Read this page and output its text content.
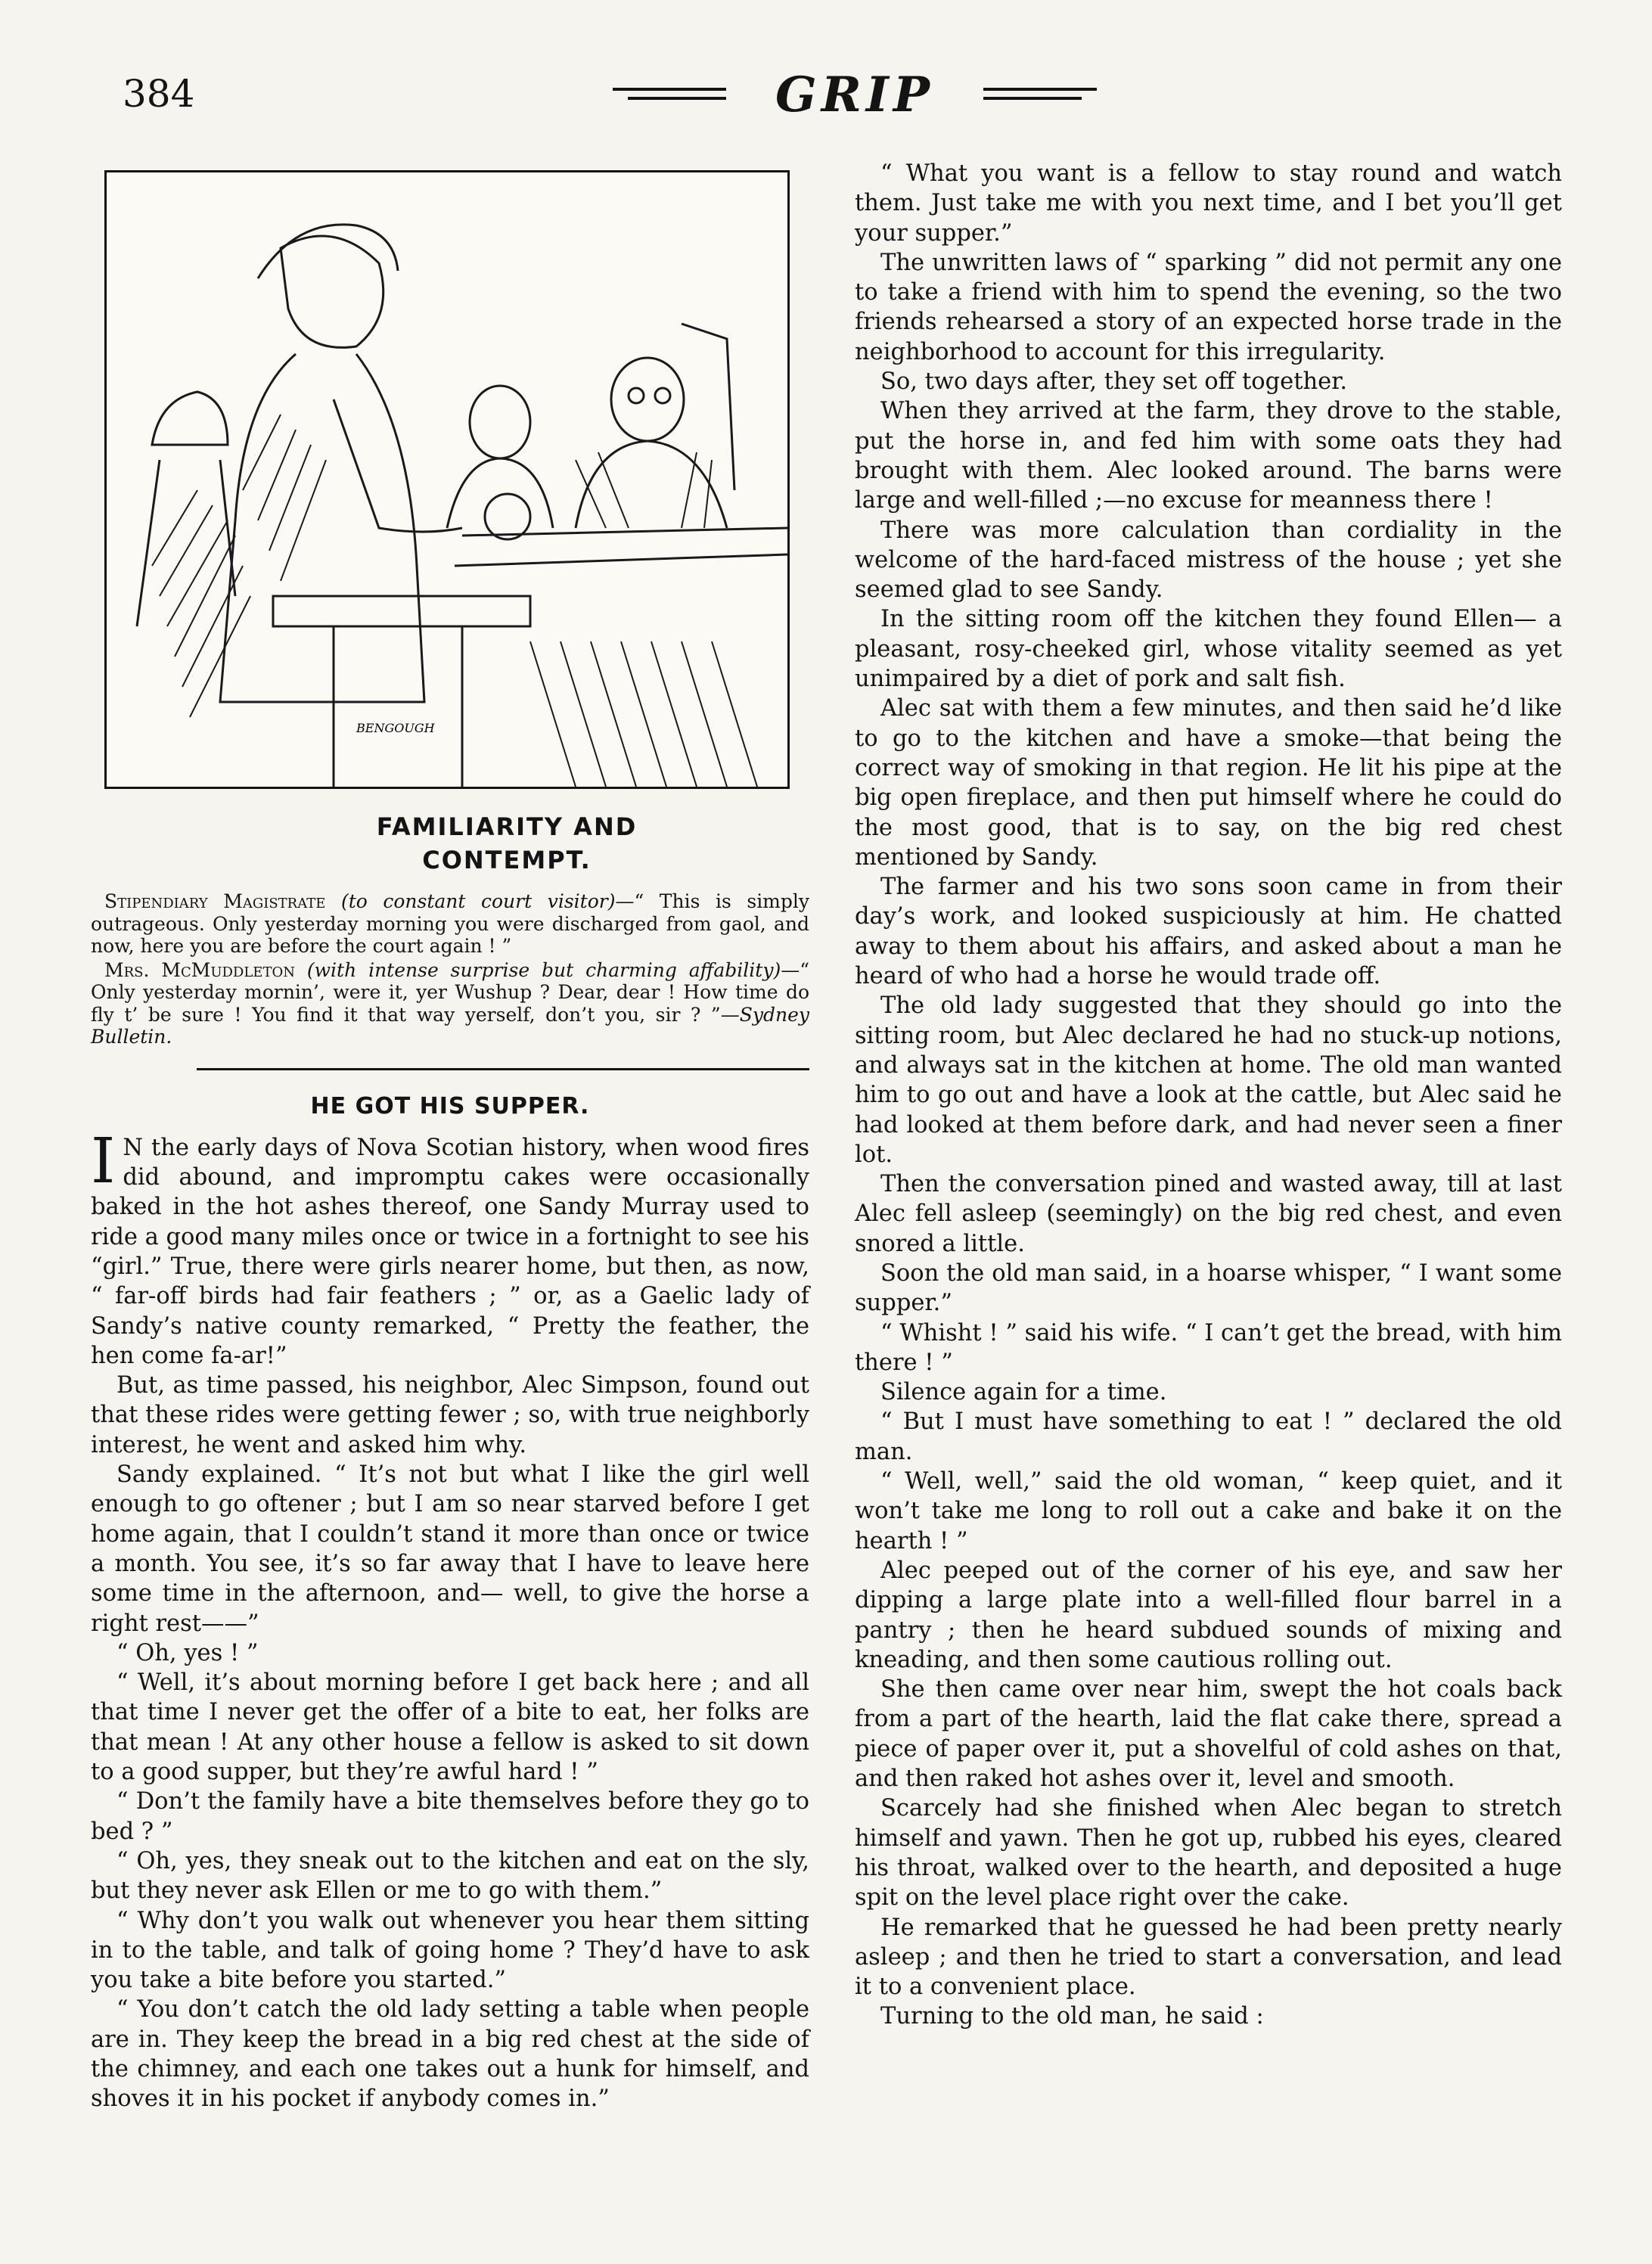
384	GRIP
BENGOUGH
FAMILIARITY AND
CONTEMPT.

Stipendiary Magistrate (to constant court visitor)—“ This is simply outrageous. Only yesterday morning you were discharged from gaol, and now, here you are before the court again ! ”

Mrs. McMuddleton (with intense surprise but charming affability)—“ Only yesterday mornin’, were it, yer Wushup ? Dear, dear ! How time do fly t’ be sure ! You find it that way yerself, don’t you, sir ? ”—Sydney Bulletin.

HE GOT HIS SUPPER.

I N the early days of Nova Scotian history, when wood fires did abound, and impromptu cakes were occasionally baked in the hot ashes thereof, one Sandy Murray used to ride a good many miles once or twice in a fortnight to see his “girl.” True, there were girls nearer home, but then, as now, “ far-off birds had fair feathers ; ” or, as a Gaelic lady of Sandy’s native county remarked, “ Pretty the feather, the hen come fa-ar!”

But, as time passed, his neighbor, Alec Simpson, found out that these rides were getting fewer ; so, with true neighborly interest, he went and asked him why.

Sandy explained. “ It’s not but what I like the girl well enough to go oftener ; but I am so near starved before I get home again, that I couldn’t stand it more than once or twice a month. You see, it’s so far away that I have to leave here some time in the afternoon, and— well, to give the horse a right rest——”

“ Oh, yes ! ”

“ Well, it’s about morning before I get back here ; and all that time I never get the offer of a bite to eat, her folks are that mean ! At any other house a fellow is asked to sit down to a good supper, but they’re awful hard ! ”

“ Don’t the family have a bite themselves before they go to bed ? ”

“ Oh, yes, they sneak out to the kitchen and eat on the sly, but they never ask Ellen or me to go with them.”

“ Why don’t you walk out whenever you hear them sitting in to the table, and talk of going home ? They’d have to ask you take a bite before you started.”

“ You don’t catch the old lady setting a table when people are in. They keep the bread in a big red chest at the side of the chimney, and each one takes out a hunk for himself, and shoves it in his pocket if anybody comes in.”

“ What you want is a fellow to stay round and watch them. Just take me with you next time, and I bet you’ll get your supper.”

The unwritten laws of “ sparking ” did not permit any one to take a friend with him to spend the evening, so the two friends rehearsed a story of an expected horse trade in the neighborhood to account for this irregularity.

So, two days after, they set off together.

When they arrived at the farm, they drove to the stable, put the horse in, and fed him with some oats they had brought with them. Alec looked around. The barns were large and well-filled ;—no excuse for meanness there !

There was more calculation than cordiality in the welcome of the hard-faced mistress of the house ; yet she seemed glad to see Sandy.

In the sitting room off the kitchen they found Ellen— a pleasant, rosy-cheeked girl, whose vitality seemed as yet unimpaired by a diet of pork and salt fish.

Alec sat with them a few minutes, and then said he’d like to go to the kitchen and have a smoke—that being the correct way of smoking in that region. He lit his pipe at the big open fireplace, and then put himself where he could do the most good, that is to say, on the big red chest mentioned by Sandy.

The farmer and his two sons soon came in from their day’s work, and looked suspiciously at him. He chatted away to them about his affairs, and asked about a man he heard of who had a horse he would trade off.

The old lady suggested that they should go into the sitting room, but Alec declared he had no stuck-up notions, and always sat in the kitchen at home. The old man wanted him to go out and have a look at the cattle, but Alec said he had looked at them before dark, and had never seen a finer lot.

Then the conversation pined and wasted away, till at last Alec fell asleep (seemingly) on the big red chest, and even snored a little.

Soon the old man said, in a hoarse whisper, “ I want some supper.”

“ Whisht ! ” said his wife. “ I can’t get the bread, with him there ! ”

Silence again for a time.

“ But I must have something to eat ! ” declared the old man.

“ Well, well,” said the old woman, “ keep quiet, and it won’t take me long to roll out a cake and bake it on the hearth ! ”

Alec peeped out of the corner of his eye, and saw her dipping a large plate into a well-filled flour barrel in a pantry ; then he heard subdued sounds of mixing and kneading, and then some cautious rolling out.

She then came over near him, swept the hot coals back from a part of the hearth, laid the flat cake there, spread a piece of paper over it, put a shovelful of cold ashes on that, and then raked hot ashes over it, level and smooth.

Scarcely had she finished when Alec began to stretch himself and yawn. Then he got up, rubbed his eyes, cleared his throat, walked over to the hearth, and deposited a huge spit on the level place right over the cake.

He remarked that he guessed he had been pretty nearly asleep ; and then he tried to start a conversation, and lead it to a convenient place.

Turning to the old man, he said :
